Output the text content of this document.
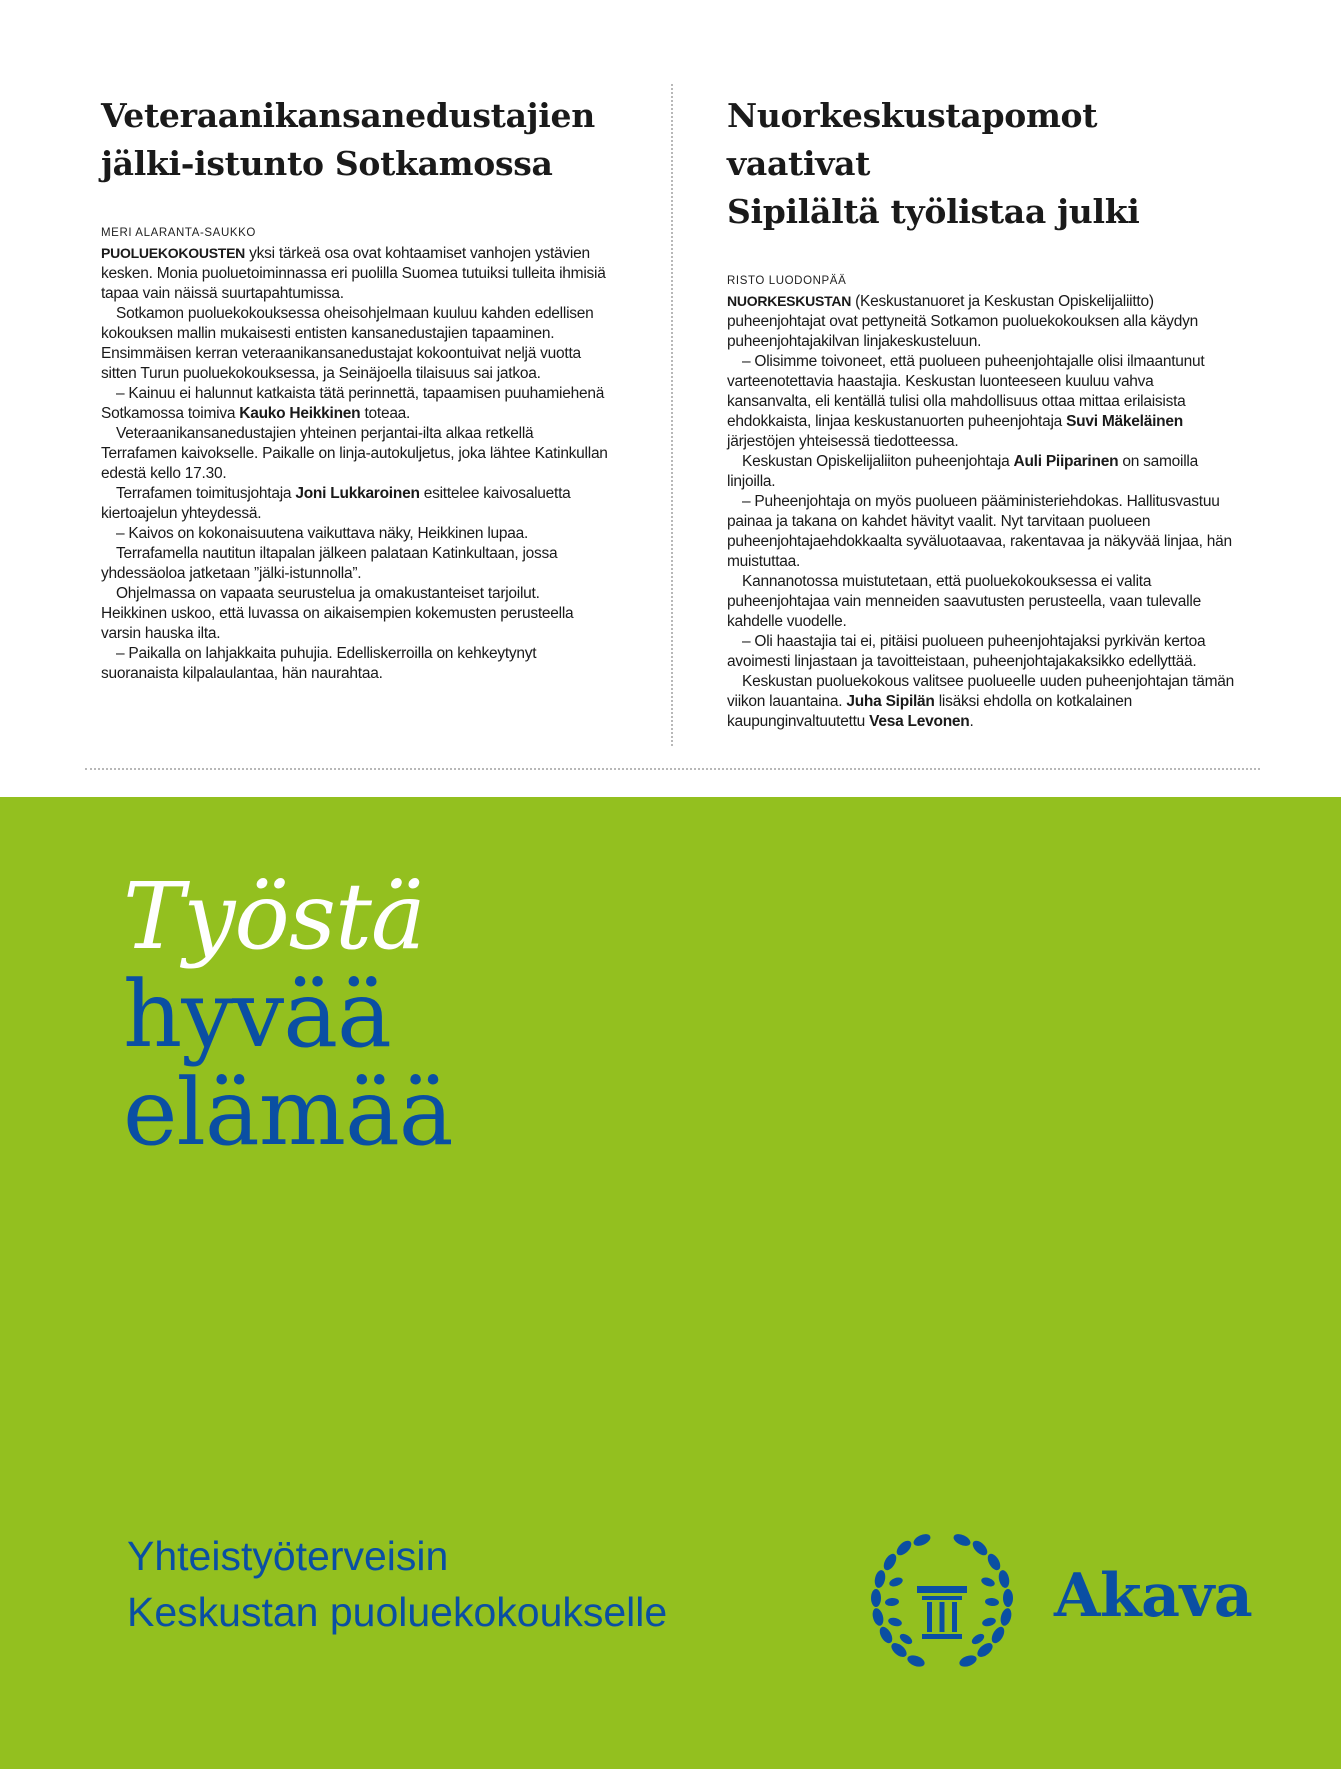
Veteraanikansanedustajien
jälki-istunto Sotkamossa
MERI ALARANTA-SAUKKO

PUOLUEKOKOUSTEN yksi tärkeä osa ovat kohtaamiset vanhojen ystävien kesken. Monia puoluetoiminnassa eri puolilla Suomea tutuiksi tulleita ihmisiä tapaa vain näissä suurtapahtumissa.

Sotkamon puoluekokouksessa oheisohjelmaan kuuluu kahden edellisen kokouksen mallin mukaisesti entisten kansanedustajien tapaaminen. Ensimmäisen kerran veteraanikansanedustajat kokoontuivat neljä vuotta sitten Turun puoluekokouksessa, ja Seinäjoella tilaisuus sai jatkoa.

– Kainuu ei halunnut katkaista tätä perinnettä, tapaamisen puuhamiehenä Sotkamossa toimiva Kauko Heikkinen toteaa.

Veteraanikansanedustajien yhteinen perjantai-ilta alkaa retkellä Terrafamen kaivokselle. Paikalle on linja-autokuljetus, joka lähtee Katinkullan edestä kello 17.30.

Terrafamen toimitusjohtaja Joni Lukkaroinen esittelee kaivosaluetta kiertoajelun yhteydessä.

– Kaivos on kokonaisuutena vaikuttava näky, Heikkinen lupaa.

Terrafamella nautitun iltapalan jälkeen palataan Katinkultaan, jossa yhdessäoloa jatketaan ”jälki-istunnolla”.

Ohjelmassa on vapaata seurustelua ja omakustanteiset tarjoilut. Heikkinen uskoo, että luvassa on aikaisempien kokemusten perusteella varsin hauska ilta.

– Paikalla on lahjakkaita puhujia. Edelliskerroilla on kehkeytynyt suoranaista kilpalaulantaa, hän naurahtaa.

Nuorkeskustapomot vaativat
Sipilältä työlistaa julki
RISTO LUODONPÄÄ

NUORKESKUSTAN (Keskustanuoret ja Keskustan Opiskelijaliitto) puheenjohtajat ovat pettyneitä Sotkamon puoluekokouksen alla käydyn puheenjohtajakilvan linjakeskusteluun.

– Olisimme toivoneet, että puolueen puheenjohtajalle olisi ilmaantunut varteenotettavia haastajia. Keskustan luonteeseen kuuluu vahva kansanvalta, eli kentällä tulisi olla mahdollisuus ottaa mittaa erilaisista ehdokkaista, linjaa keskustanuorten puheenjohtaja Suvi Mäkeläinen järjestöjen yhteisessä tiedotteessa.

Keskustan Opiskelijaliiton puheenjohtaja Auli Piiparinen on samoilla linjoilla.

– Puheenjohtaja on myös puolueen pääministeriehdokas. Hallitusvastuu painaa ja takana on kahdet hävityt vaalit. Nyt tarvitaan puolueen puheenjohtajaehdokkaalta syväluotaavaa, rakentavaa ja näkyvää linjaa, hän muistuttaa.

Kannanotossa muistutetaan, että puoluekokouksessa ei valita puheenjohtajaa vain menneiden saavutusten perusteella, vaan tulevalle kahdelle vuodelle.

– Oli haastajia tai ei, pitäisi puolueen puheenjohtajaksi pyrkivän kertoa avoimesti linjastaan ja tavoitteistaan, puheenjohtajakaksikko edellyttää.

Keskustan puoluekokous valitsee puolueelle uuden puheenjohtajan tämän viikon lauantaina. Juha Sipilän lisäksi ehdolla on kotkalainen kaupunginvaltuutettu Vesa Levonen.

Työstä
hyvää
elämää
Yhteistyöterveisin
Keskustan puoluekokoukselle	Akava
